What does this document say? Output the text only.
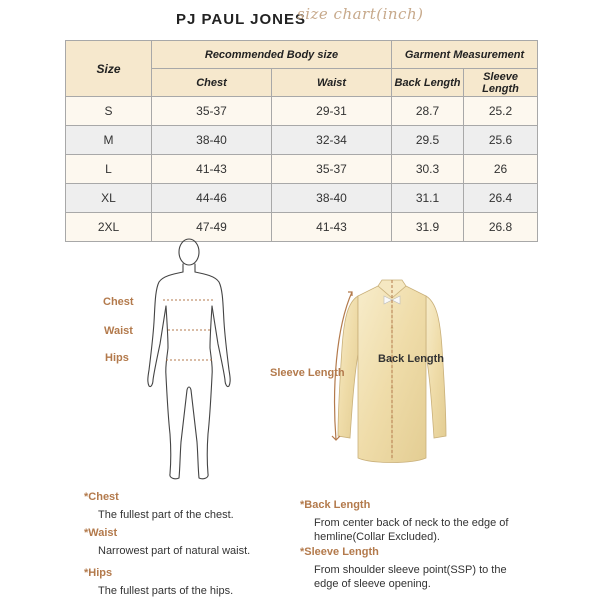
PJ PAUL JONES
size chart(inch)
Size	Recommended Body size		Garment Measurement	
	Chest	Waist	Back Length	Sleeve Length
S	35-37	29-31	28.7	25.2
M	38-40	32-34	29.5	25.6
L	41-43	35-37	30.3	26
XL	44-46	38-40	31.1	26.4
2XL	47-49	41-43	31.9	26.8
Chest
Waist
Hips	Back Length
Sleeve Length
*Chest
The fullest part of the chest.
*Waist
Narrowest part of natural waist.
*Hips
The fullest parts of the hips.
*Back Length
From center back of neck to the edge of hemline(Collar Excluded).
*Sleeve Length
From shoulder sleeve point(SSP) to the edge of sleeve opening.
